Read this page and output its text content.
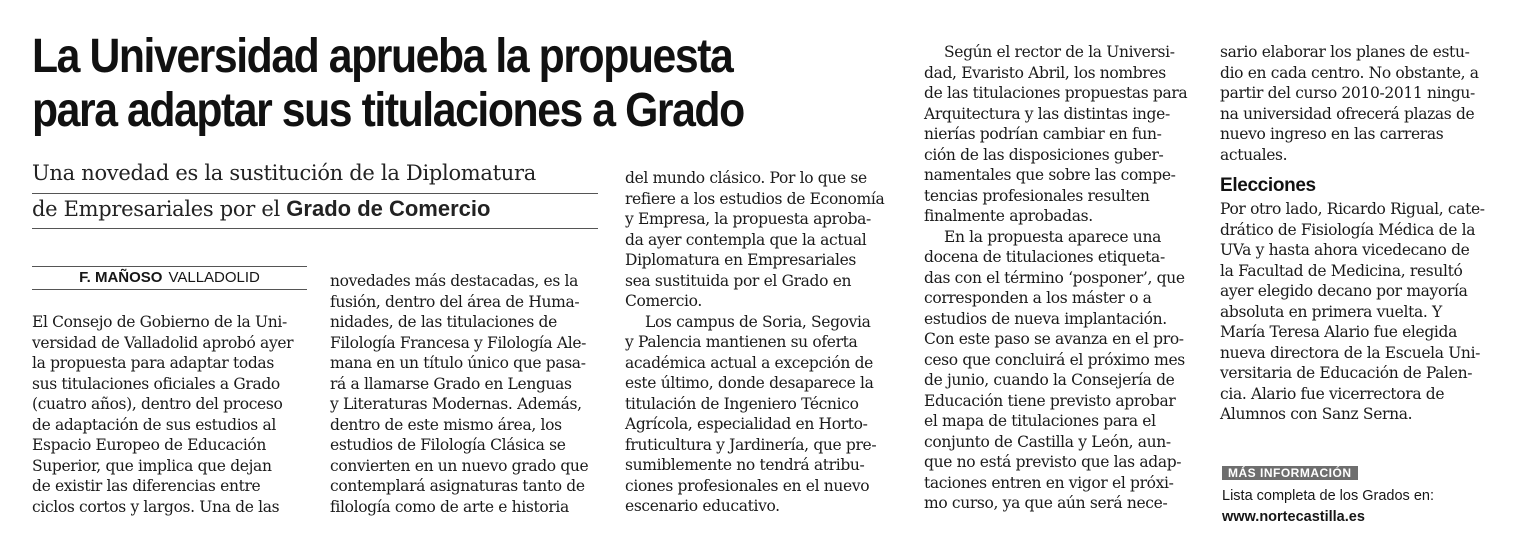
La Universidad aprueba la propuesta
para adaptar sus titulaciones a Grado
Una novedad es la sustitución de la Diplomatura
de Empresariales por el Grado de Comercio
F. MAÑOSO VALLADOLID
El Consejo de Gobierno de la Uni-
versidad de Valladolid aprobó ayer
la propuesta para adaptar todas
sus titulaciones oficiales a Grado
(cuatro años), dentro del proceso
de adaptación de sus estudios al
Espacio Europeo de Educación
Superior, que implica que dejan
de existir las diferencias entre
ciclos cortos y largos. Una de las
novedades más destacadas, es la
fusión, dentro del área de Huma-
nidades, de las titulaciones de
Filología Francesa y Filología Ale-
mana en un título único que pasa-
rá a llamarse Grado en Lenguas
y Literaturas Modernas. Además,
dentro de este mismo área, los
estudios de Filología Clásica se
convierten en un nuevo grado que
contemplará asignaturas tanto de
filología como de arte e historia
del mundo clásico. Por lo que se
refiere a los estudios de Economía
y Empresa, la propuesta aproba-
da ayer contempla que la actual
Diplomatura en Empresariales
sea sustituida por el Grado en
Comercio.
Los campus de Soria, Segovia
y Palencia mantienen su oferta
académica actual a excepción de
este último, donde desaparece la
titulación de Ingeniero Técnico
Agrícola, especialidad en Horto-
fruticultura y Jardinería, que pre-
sumiblemente no tendrá atribu-
ciones profesionales en el nuevo
escenario educativo.
Según el rector de la Universi-
dad, Evaristo Abril, los nombres
de las titulaciones propuestas para
Arquitectura y las distintas inge-
nierías podrían cambiar en fun-
ción de las disposiciones guber-
namentales que sobre las compe-
tencias profesionales resulten
finalmente aprobadas.
En la propuesta aparece una
docena de titulaciones etiqueta-
das con el término ‘posponer’, que
corresponden a los máster o a
estudios de nueva implantación.
Con este paso se avanza en el pro-
ceso que concluirá el próximo mes
de junio, cuando la Consejería de
Educación tiene previsto aprobar
el mapa de titulaciones para el
conjunto de Castilla y León, aun-
que no está previsto que las adap-
taciones entren en vigor el próxi-
mo curso, ya que aún será nece-
sario elaborar los planes de estu-
dio en cada centro. No obstante, a
partir del curso 2010-2011 ningu-
na universidad ofrecerá plazas de
nuevo ingreso en las carreras
actuales.
Elecciones
Por otro lado, Ricardo Rigual, cate-
drático de Fisiología Médica de la
UVa y hasta ahora vicedecano de
la Facultad de Medicina, resultó
ayer elegido decano por mayoría
absoluta en primera vuelta. Y
María Teresa Alario fue elegida
nueva directora de la Escuela Uni-
versitaria de Educación de Palen-
cia. Alario fue vicerrectora de
Alumnos con Sanz Serna.
MÁS INFORMACIÓN
Lista completa de los Grados en:
www.nortecastilla.es
